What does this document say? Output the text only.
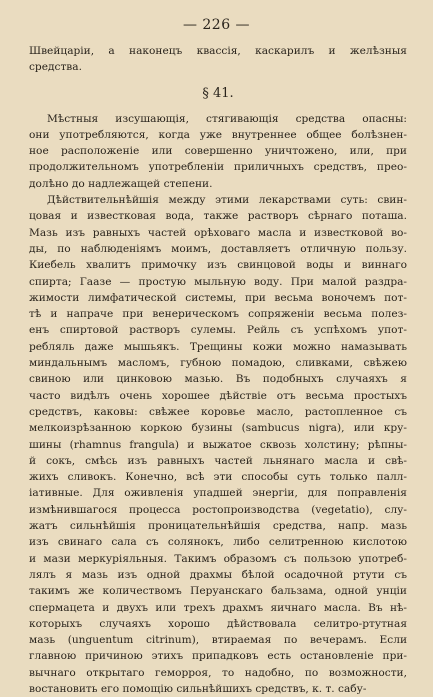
— 226 —
Швейцаріи, а наконецъ квассія, каскарилъ и желѣзныя
средства.
§ 41.
Мѣстныя изсушающія, стягивающія средства опасны:
они употребляются, когда уже внутреннее общее болѣзнен-
ное расположеніе или совершенно уничтожено, или, при
продолжительномъ употребленіи приличныхъ средствъ, прео-
долѣно до надлежащей степени.
Дѣйствительнѣйшія между этими лекарствами суть: свин-
цовая и известковая вода, также растворъ сѣрнаго поташа.
Мазь изъ равныхъ частей орѣховаго масла и известковой во-
ды, по наблюденіямъ моимъ, доставляетъ отличную пользу.
Киебель хвалитъ примочку изъ свинцовой воды и виннаго
спирта; Гаазе — простую мыльную воду. При малой раздра-
жимости лимфатической системы, при весьма воночемъ пот-
тѣ и напраче при венерическомъ сопряженіи весьма полез-
енъ спиртовой растворъ сулемы. Рейль съ успѣхомъ упот-
ребляль даже мышьякъ. Трещины кожи можно намазывать
миндальнымъ масломъ, губною помадою, сливками, свѣжею
свиною или цинковою мазью. Въ подобныхъ случаяхъ я
часто видѣлъ очень хорошее дѣйствіе отъ весьма простыхъ
средствъ, каковы: свѣжее коровье масло, растопленное съ
мелкоизрѣзанною коркою бузины (sambucus nigra), или кру-
шины (rhamnus frangula) и выжатое сквозь холстину; рѣпны-
й сокъ, смѣсь изъ равныхъ частей льнянаго масла и свѣ-
жихъ сливокъ. Конечно, всѣ эти способы суть только палл-
іативные. Для оживленія упадшей энергіи, для поправленія
измѣнившагося процесса ростопроизводства (vegetatio), слу-
жатъ сильнѣйшія проницательнѣйшія средства, напр. мазь
изъ свинаго сала съ солянокъ, либо селитренною кислотою
и мази меркуріяльныя. Такимъ образомъ съ пользою употреб-
лялъ я мазь изъ одной драхмы бѣлой осадочной ртути съ
такимъ же количествомъ Перуанскаго бальзама, одной унціи
спермацета и двухъ или трехъ драхмъ яичнаго масла. Въ нѣ-
которыхъ случаяхъ хорошо дѣйствовала селитро-ртутная
мазь (unguentum citrinum), втираемая по вечерамъ. Если
главною причиною этихъ припадковъ есть остановленіе при-
вычнаго открытаго геморроя, то надобно, по возможности,
востановить его помощію сильнѣйшихъ средствъ, к. т. сабу-
